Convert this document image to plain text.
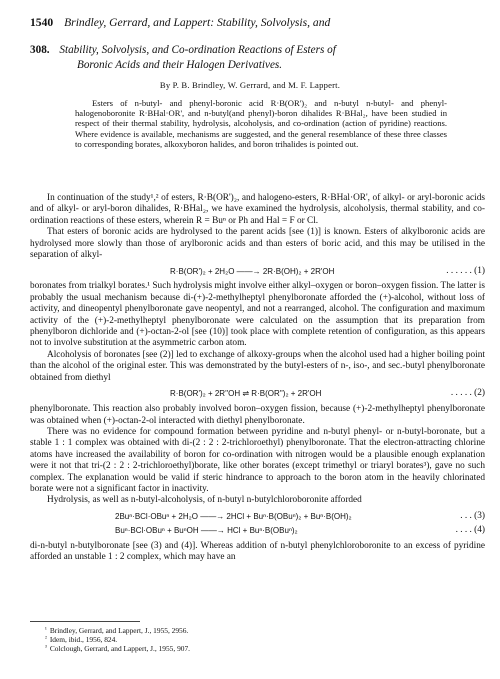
1540 Brindley, Gerrard, and Lappert: Stability, Solvolysis, and
308. Stability, Solvolysis, and Co-ordination Reactions of Esters of
Boronic Acids and their Halogen Derivatives.
By P. B. Brindley, W. Gerrard, and M. F. Lappert.

Esters of n-butyl- and phenyl-boronic acid R·B(OR')₂ and n-butyl n-butyl- and phenyl-halogenoboronite R·BHal·OR', and n-butyl(and phenyl)-boron dihalides R·BHal₂, have been studied in respect of their thermal stability, hydrolysis, alcoholysis, and co-ordination (action of pyridine) reactions. Where evidence is available, mechanisms are suggested, and the general resemblance of these three classes to corresponding borates, alkoxyboron halides, and boron trihalides is pointed out.

In continuation of the study¹,² of esters, R·B(OR')₂, and halogeno-esters, R·BHal·OR', of alkyl- or aryl-boronic acids and of alkyl- or aryl-boron dihalides, R·BHal₂, we have examined the hydrolysis, alcoholysis, thermal stability, and co-ordination reactions of these esters, wherein R = Buⁿ or Ph and Hal = F or Cl.

That esters of boronic acids are hydrolysed to the parent acids [see (1)] is known. Esters of alkylboronic acids are hydrolysed more slowly than those of arylboronic acids and than esters of boric acid, and this may be utilised in the separation of alkyl-

R·B(OR')₂ + 2H₂O ——→ 2R·B(OH)₂ + 2R'OH	. . . . . . (1)

boronates from trialkyl borates.¹ Such hydrolysis might involve either alkyl–oxygen or boron–oxygen fission. The latter is probably the usual mechanism because di-(+)-2-methylheptyl phenylboronate afforded the (+)-alcohol, without loss of activity, and dineopentyl phenylboronate gave neopentyl, and not a rearranged, alcohol. The configuration and maximum activity of the (+)-2-methylheptyl phenylboronate were calculated on the assumption that its preparation from phenylboron dichloride and (+)-octan-2-ol [see (10)] took place with complete retention of configuration, as this appears not to involve substitution at the asymmetric carbon atom.

Alcoholysis of boronates [see (2)] led to exchange of alkoxy-groups when the alcohol used had a higher boiling point than the alcohol of the original ester. This was demonstrated by the butyl-esters of n-, iso-, and sec.-butyl phenylboronate obtained from diethyl

R·B(OR')₂ + 2R''OH ⇌ R·B(OR'')₂ + 2R'OH	. . . . . (2)

phenylboronate. This reaction also probably involved boron–oxygen fission, because (+)-2-methylheptyl phenylboronate was obtained when (+)-octan-2-ol interacted with diethyl phenylboronate.

There was no evidence for compound formation between pyridine and n-butyl phenyl- or n-butyl-boronate, but a stable 1 : 1 complex was obtained with di-(2 : 2 : 2-trichloroethyl) phenylboronate. That the electron-attracting chlorine atoms have increased the availability of boron for co-ordination with nitrogen would be a plausible enough explanation were it not that tri-(2 : 2 : 2-trichloroethyl)borate, like other borates (except trimethyl or triaryl borates³), gave no such complex. The explanation would be valid if steric hindrance to approach to the boron atom in the heavily chlorinated borate were not a significant factor in inactivity.

Hydrolysis, as well as n-butyl-alcoholysis, of n-butyl n-butylchloroboronite afforded

2Buⁿ·BCl·OBuⁿ + 2H₂O ——→ 2HCl + Buⁿ·B(OBuⁿ)₂ + Buⁿ·B(OH)₂	. . . (3)
Buⁿ·BCl·OBuⁿ + BuⁿOH ——→ HCl + Buⁿ·B(OBuⁿ)₂	. . . . (4)

di-n-butyl n-butylboronate [see (3) and (4)]. Whereas addition of n-butyl phenylchloroboronite to an excess of pyridine afforded an unstable 1 : 2 complex, which may have an

$^{^1}$ Brindley, Gerrard, and Lappert, J., 1955, 2956.
$^{^2}$ Idem, ibid., 1956, 824.
$^{^3}$ Colclough, Gerrard, and Lappert, J., 1955, 907.
